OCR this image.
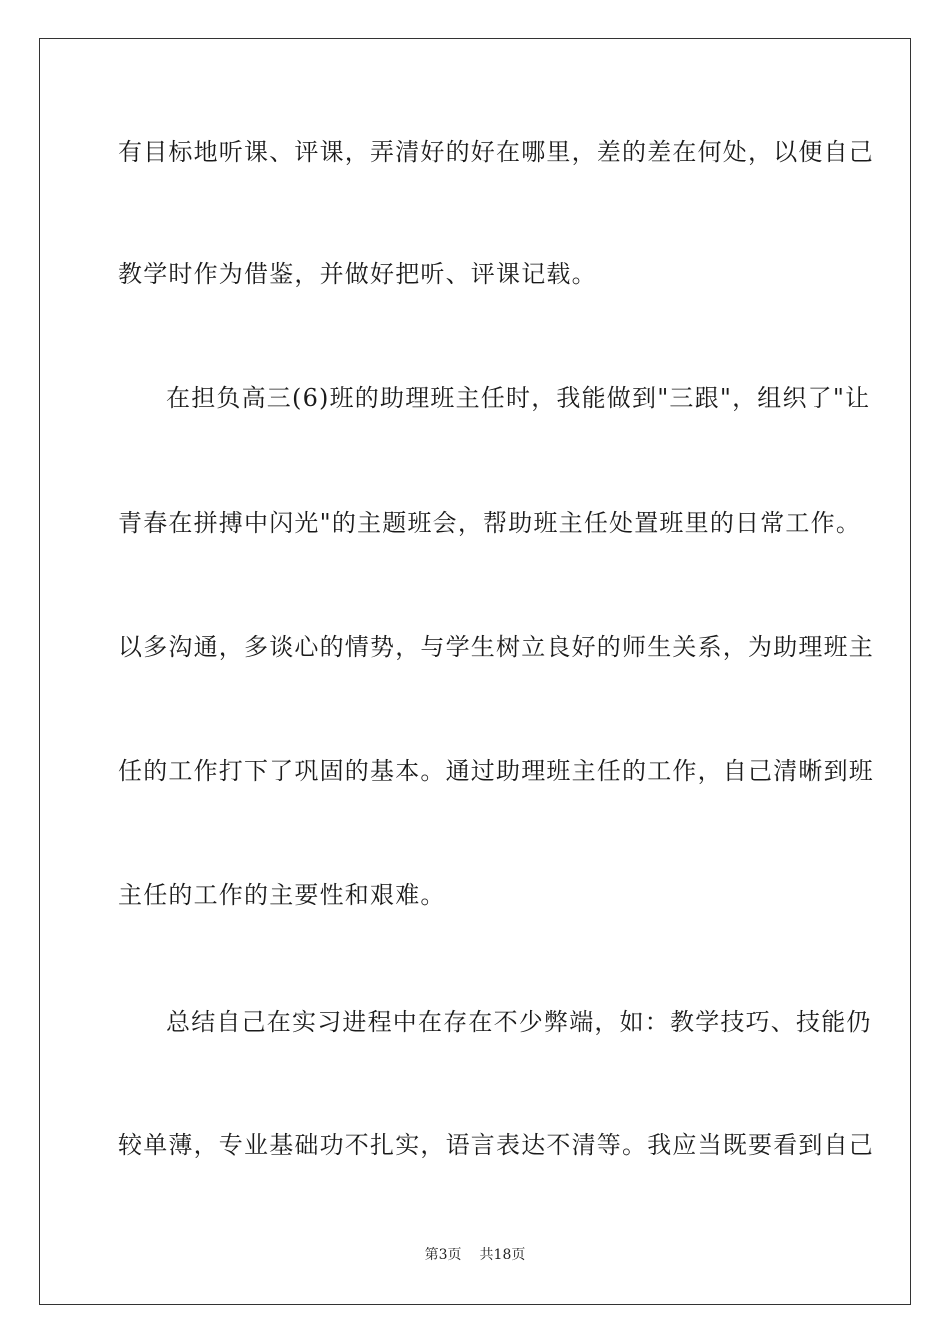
有目标地听课、评课，弄清好的好在哪里，差的差在何处，以便自己
教学时作为借鉴，并做好把听、评课记载。
在担负高三(6)班的助理班主任时，我能做到"三跟"，组织了"让
青春在拼搏中闪光"的主题班会，帮助班主任处置班里的日常工作。
以多沟通，多谈心的情势，与学生树立良好的师生关系，为助理班主
任的工作打下了巩固的基本。通过助理班主任的工作，自己清晰到班
主任的工作的主要性和艰难。
总结自己在实习进程中在存在不少弊端，如：教学技巧、技能仍
较单薄，专业基础功不扎实，语言表达不清等。我应当既要看到自己
第3页 共18页
